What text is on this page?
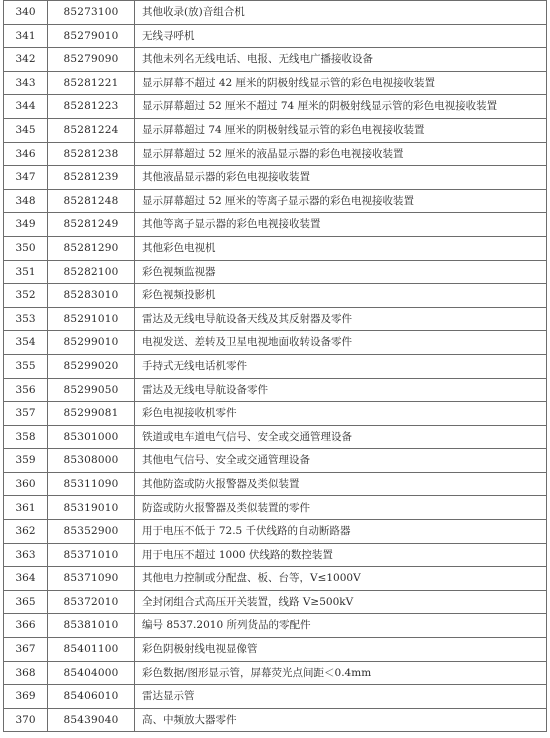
340	85273100	其他收录(放)音组合机
341	85279010	无线寻呼机
342	85279090	其他未列名无线电话、电报、无线电广播接收设备
343	85281221	显示屏幕不超过 42 厘米的阴极射线显示管的彩色电视接收装置
344	85281223	显示屏幕超过 52 厘米不超过 74 厘米的阴极射线显示管的彩色电视接收装置
345	85281224	显示屏幕超过 74 厘米的阴极射线显示管的彩色电视接收装置
346	85281238	显示屏幕超过 52 厘米的液晶显示器的彩色电视接收装置
347	85281239	其他液晶显示器的彩色电视接收装置
348	85281248	显示屏幕超过 52 厘米的等离子显示器的彩色电视接收装置
349	85281249	其他等离子显示器的彩色电视接收装置
350	85281290	其他彩色电视机
351	85282100	彩色视频监视器
352	85283010	彩色视频投影机
353	85291010	雷达及无线电导航设备天线及其反射器及零件
354	85299010	电视发送、差转及卫星电视地面收转设备零件
355	85299020	手持式无线电话机零件
356	85299050	雷达及无线电导航设备零件
357	85299081	彩色电视接收机零件
358	85301000	铁道或电车道电气信号、安全或交通管理设备
359	85308000	其他电气信号、安全或交通管理设备
360	85311090	其他防盗或防火报警器及类似装置
361	85319010	防盗或防火报警器及类似装置的零件
362	85352900	用于电压不低于 72.5 千伏线路的自动断路器
363	85371010	用于电压不超过 1000 伏线路的数控装置
364	85371090	其他电力控制或分配盘、板、台等，V≤1000V
365	85372010	全封闭组合式高压开关装置，线路 V≥500kV
366	85381010	编号 8537.2010 所列货品的零配件
367	85401100	彩色阴极射线电视显像管
368	85404000	彩色数据/图形显示管，屏幕荧光点间距＜0.4mm
369	85406010	雷达显示管
370	85439040	高、中频放大器零件
